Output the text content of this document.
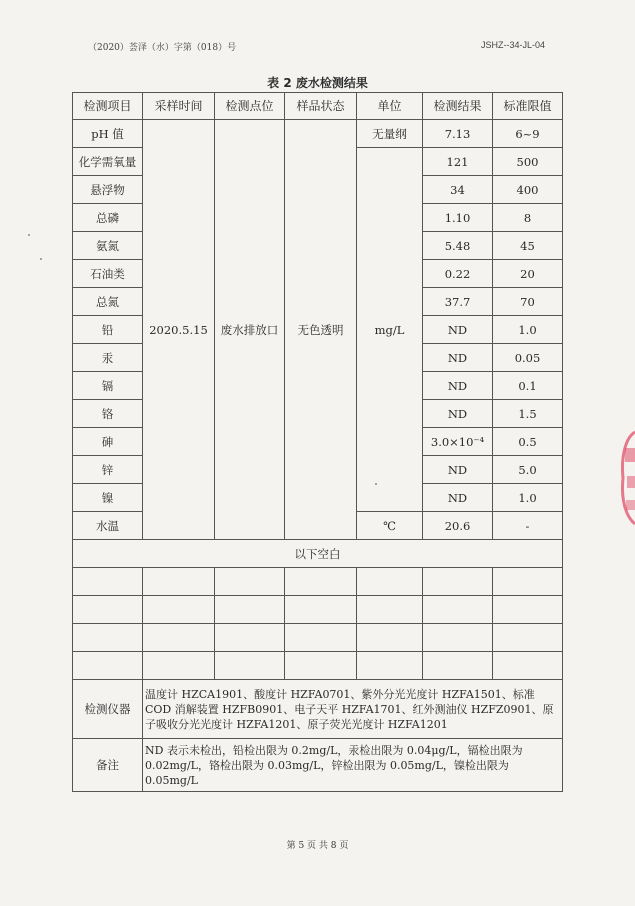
（2020）荟泽（水）字第（018）号	JSHZ--34-JL-04
表 2 废水检测结果
检测项目	采样时间	检测点位	样品状态	单位	检测结果	标准限值
pH 值	2020.5.15	废水排放口	无色透明	无量纲	7.13	6~9
化学需氧量				mg/L	121	500
悬浮物					34	400
总磷					1.10	8
氨氮					5.48	45
石油类					0.22	20
总氮					37.7	70
铅					ND	1.0
汞					ND	0.05
镉					ND	0.1
铬					ND	1.5
砷					3.0×10⁻⁴	0.5
锌					ND	5.0
镍					ND	1.0
水温				℃	20.6	-
以下空白						

检测仪器	温度计 HZCA1901、酸度计 HZFA0701、紫外分光光度计 HZFA1501、标准COD 消解装置 HZFB0901、电子天平 HZFA1701、红外测油仪 HZFZ0901、原子吸收分光光度计 HZFA1201、原子荧光光度计 HZFA1201					
备注	ND 表示未检出，铅检出限为 0.2mg/L，汞检出限为 0.04μg/L，镉检出限为0.02mg/L，铬检出限为 0.03mg/L，锌检出限为 0.05mg/L，镍检出限为0.05mg/L					
第 5 页 共 8 页
